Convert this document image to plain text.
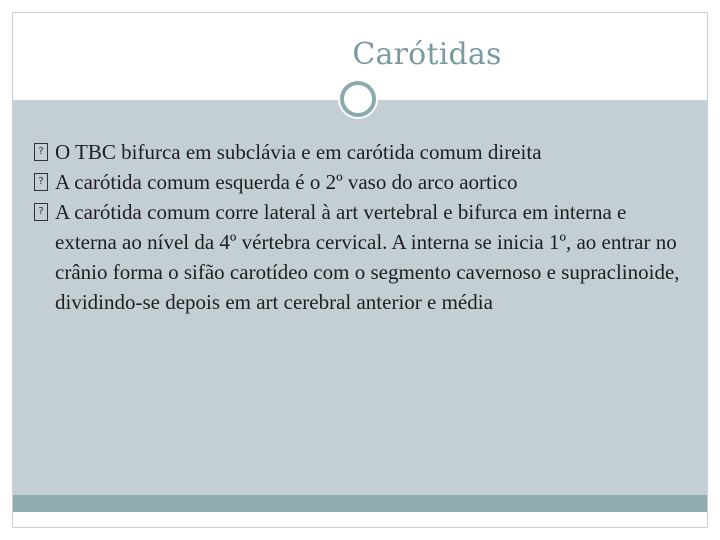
Carótidas
? O TBC bifurca em subclávia e em carótida comum direita
? A carótida comum esquerda é o 2º vaso do arco aortico
? A carótida comum corre lateral à art vertebral e bifurca em interna e externa ao nível da 4º vértebra cervical. A interna se inicia 1º, ao entrar no crânio forma o sifão carotídeo com o segmento cavernoso e supraclinoide, dividindo-se depois em art cerebral anterior e média
